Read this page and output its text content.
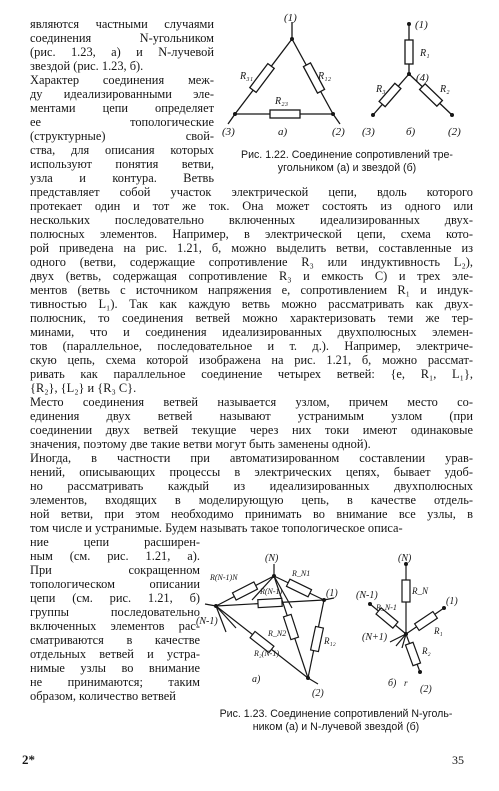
являются частными случаями
соединения N-угольником
(рис. 1.23, а) и N-лучевой
звездой (рис. 1.23, б).
Характер соединения меж-
ду идеализированными эле-
ментами цепи определяет
ее топологические
(структурные) свой-
ства, для описания которых
используют понятия ветви,
узла и контура. Ветвь
(1)
R₃₁	R₁₂
R₂₃
(3)	а)	(2)
(1)
R₁
(4)
R₃	R₂
(3)	б)	(2)
Рис. 1.22. Соединение сопротивлений тре-
угольником (а) и звездой (б)
представляет собой участок электрической цепи, вдоль которого
протекает один и тот же ток. Она может состоять из одного или
нескольких последовательно включенных идеализированных двух-
полюсных элементов. Например, в электрической цепи, схема кото-
рой приведена на рис. 1.21, б, можно выделить ветви, составленные из
одного (ветви, содержащие сопротивление R₃ или индуктивность L₂),
двух (ветвь, содержащая сопротивление R₃ и емкость C) и трех эле-
ментов (ветвь с источником напряжения e, сопротивлением R₁ и индук-
тивностью L₁). Так как каждую ветвь можно рассматривать как двух-
полюсник, то соединения ветвей можно характеризовать теми же тер-
минами, что и соединения идеализированных двухполюсных элемен-
тов (параллельное, последовательное и т. д.). Например, электриче-
скую цепь, схема которой изображена на рис. 1.21, б, можно рассмат-
ривать как параллельное соединение четырех ветвей: {e, R₁, L₁},
{R₂}, {L₂} и {R₃ C}.
Место соединения ветвей называется узлом, причем место со-
единения двух ветвей называют устранимым узлом (при
соединении двух ветвей текущие через них токи имеют одинаковые
значения, поэтому две такие ветви могут быть заменены одной).
Иногда, в частности при автоматизированном составлении урав-
нений, описывающих процессы в электрических цепях, бывает удоб-
но рассматривать каждый из идеализированных двухполюсных
элементов, входящих в моделирующую цепь, в качестве отдель-
ной ветви, при этом необходимо принимать во внимание все узлы, в
том числе и устранимые. Будем называть такое топологическое описа-
ние цепи расширен-
ным (см. рис. 1.21, а).
При сокращенном
топологическом описании
цепи (см. рис. 1.21, б)
группы последовательно
включенных элементов рас-
сматриваются в качестве
отдельных ветвей и устра-
нимые узлы во внимание
не принимаются; таким
образом, количество ветвей
(N)
R(N-1)N	R_N1
R(N-1)	(1)
(N-1)
R_N2
R₁₂
R₂(N-1)
а)
(2)
(N)
R_N
(N-1)
R_N-1
(1)
(N+1)
R₁
R₂
б) r
(2)
Рис. 1.23. Соединение сопротивлений N-уголь-
ником (а) и N-лучевой звездой (б)
2*	35
